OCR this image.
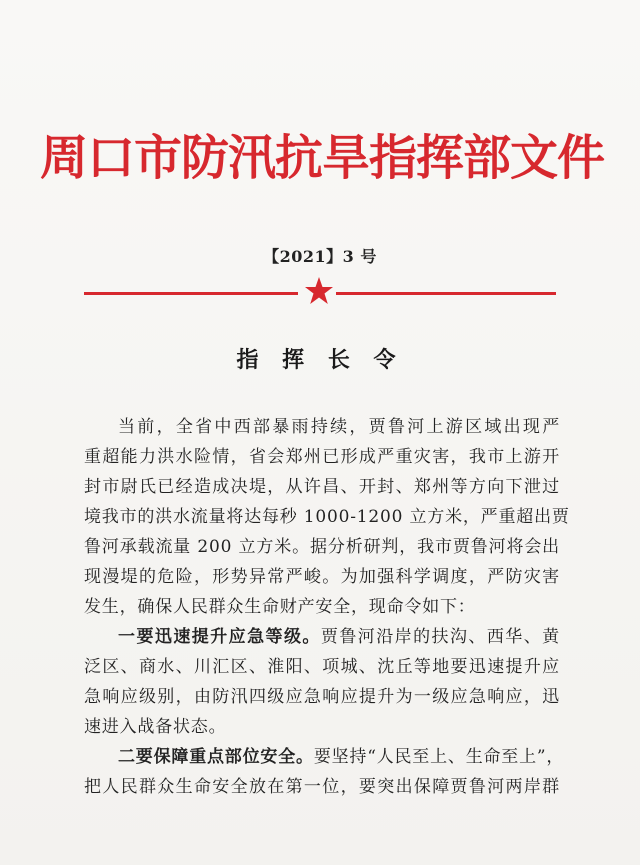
周口市防汛抗旱指挥部文件
【2021】3 号
指 挥 长 令
当前，全省中西部暴雨持续，贾鲁河上游区域出现严
重超能力洪水险情，省会郑州已形成严重灾害，我市上游开
封市尉氏已经造成决堤，从许昌、开封、郑州等方向下泄过
境我市的洪水流量将达每秒 1000-1200 立方米，严重超出贾
鲁河承载流量 200 立方米。据分析研判，我市贾鲁河将会出
现漫堤的危险，形势异常严峻。为加强科学调度，严防灾害
发生，确保人民群众生命财产安全，现命令如下：
一要迅速提升应急等级。贾鲁河沿岸的扶沟、西华、黄
泛区、商水、川汇区、淮阳、项城、沈丘等地要迅速提升应
急响应级别，由防汛四级应急响应提升为一级应急响应，迅
速进入战备状态。
二要保障重点部位安全。要坚持“人民至上、生命至上”，
把人民群众生命安全放在第一位，要突出保障贾鲁河两岸群
